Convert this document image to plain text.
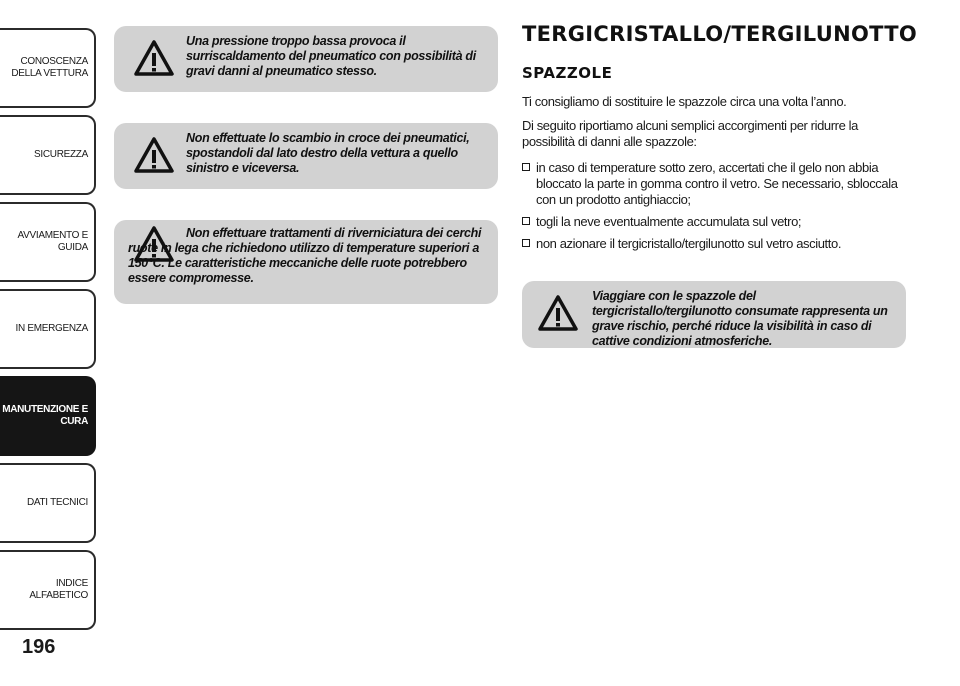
CONOSCENZA
DELLA VETTURA
SICUREZZA
AVVIAMENTO E
GUIDA
IN EMERGENZA
MANUTENZIONE E
CURA
DATI TECNICI
INDICE ALFABETICO
196

Una pressione troppo bassa provoca il surriscaldamento del pneumatico con possibilità di gravi danni al pneumatico stesso.

Non effettuate lo scambio in croce dei pneumatici, spostandoli dal lato destro della vettura a quello sinistro e viceversa.

Non effettuare trattamenti di riverniciatura dei cerchi ruote in lega che richiedono utilizzo di temperature superiori a 150°C. Le caratteristiche meccaniche delle ruote potrebbero essere compromesse.

TERGICRISTALLO/TERGILUNOTTO
SPAZZOLE

Ti consigliamo di sostituire le spazzole circa una volta l’anno.

Di seguito riportiamo alcuni semplici accorgimenti per ridurre la possibilità di danni alle spazzole:

in caso di temperature sotto zero, accertati che il gelo non abbia bloccato la parte in gomma contro il vetro. Se necessario, sbloccala con un prodotto antighiaccio;
togli la neve eventualmente accumulata sul vetro;
non azionare il tergicristallo/tergilunotto sul vetro asciutto.

Viaggiare con le spazzole del tergicristallo/tergilunotto consumate rappresenta un grave rischio, perché riduce la visibilità in caso di cattive condizioni atmosferiche.
